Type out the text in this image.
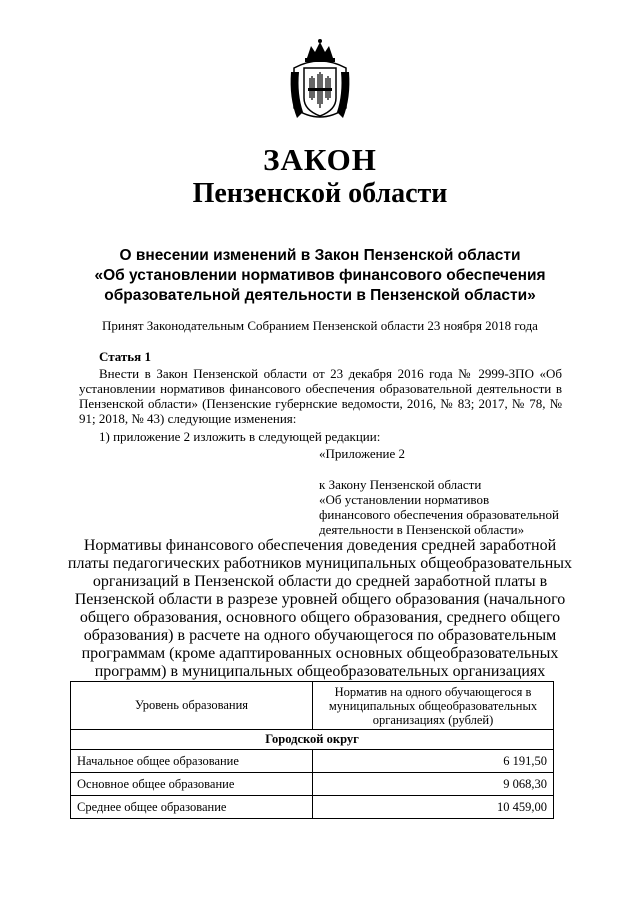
ЗАКОН
Пензенской области
О внесении изменений в Закон Пензенской области
«Об установлении нормативов финансового обеспечения
образовательной деятельности в Пензенской области»
Принят Законодательным Собранием Пензенской области 23 ноября 2018 года
Статья 1
Внести в Закон Пензенской области от 23 декабря 2016 года № 2999-ЗПО «Об установлении нормативов финансового обеспечения образовательной деятельности в Пензенской области» (Пензенские губернские ведомости, 2016, № 83; 2017, № 78, № 91; 2018, № 43) следующие изменения:
1) приложение 2 изложить в следующей редакции:
«Приложение 2
к Закону Пензенской области
«Об установлении нормативов
финансового обеспечения образовательной
деятельности в Пензенской области»
Нормативы финансового обеспечения доведения средней заработной
платы педагогических работников муниципальных общеобразовательных
организаций в Пензенской области до средней заработной платы в
Пензенской области в разрезе уровней общего образования (начального
общего образования, основного общего образования, среднего общего
образования) в расчете на одного обучающегося по образовательным
программам (кроме адаптированных основных общеобразовательных
программ) в муниципальных общеобразовательных организациях
Уровень образования	Норматив на одного обучающегося в
муниципальных общеобразовательных
организациях (рублей)

Городской округ	
Начальное общее образование	6 191,50
Основное общее образование	9 068,30
Среднее общее образование	10 459,00
